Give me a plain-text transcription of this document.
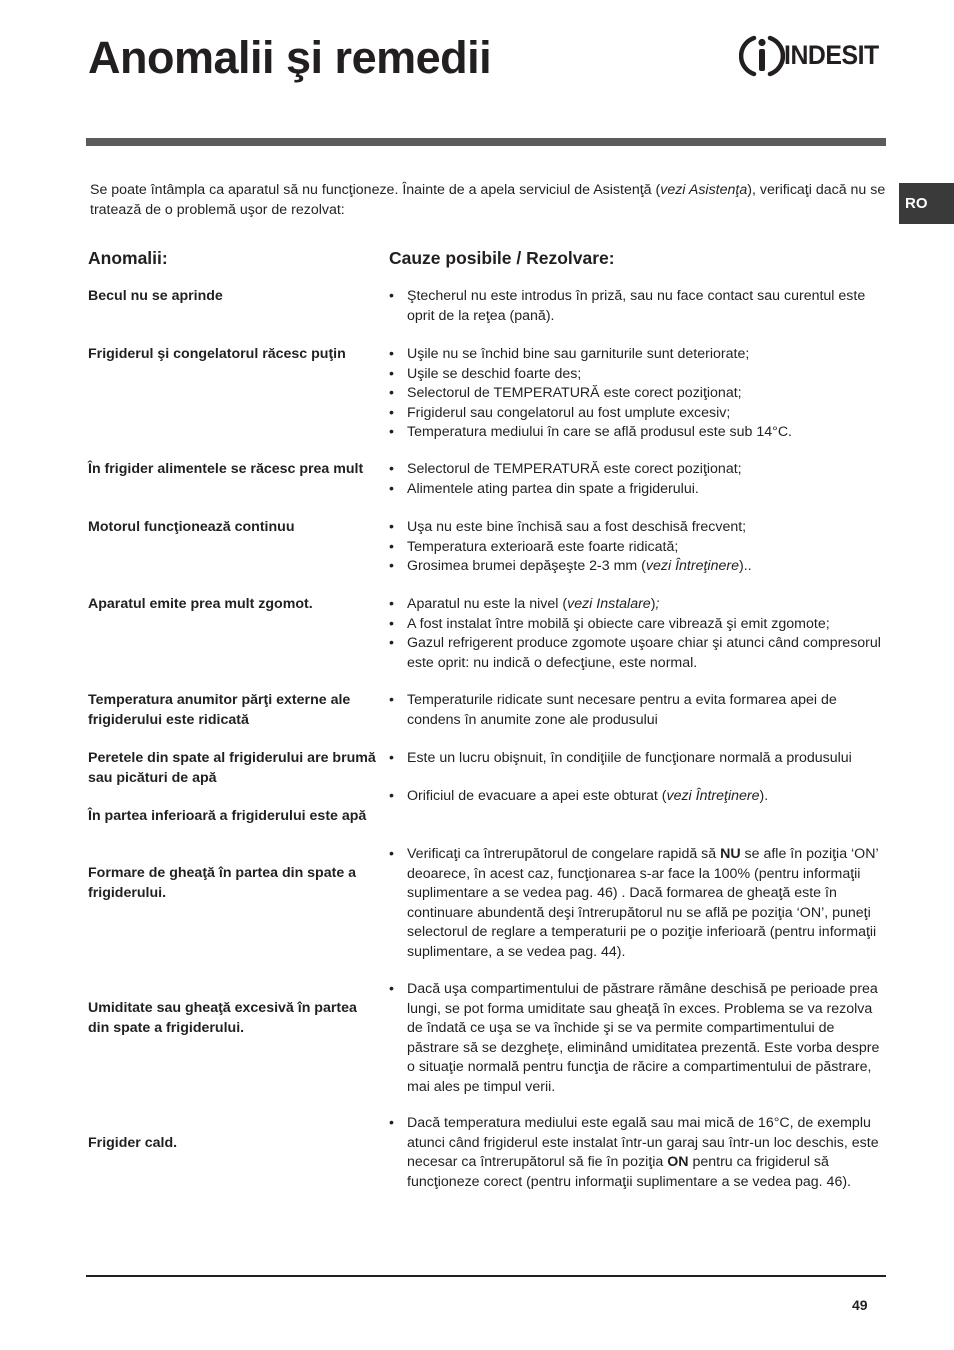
Anomalii şi remedii	INDESIT
RO

Se poate întâmpla ca aparatul să nu funcţioneze. Înainte de a apela serviciul de Asistenţă (vezi Asistenţa), verificaţi dacă nu se tratează de o problemă uşor de rezolvat:

Anomalii:	Cauze posibile / Rezolvare:
Becul nu se aprinde	• Ştecherul nu este introdus în priză, sau nu face contact sau curentul este oprit de la reţea (pană).
Frigiderul şi congelatorul răcesc puţin	• Uşile nu se închid bine sau garniturile sunt deteriorate;
• Uşile se deschid foarte des;
• Selectorul de TEMPERATURĂ este corect poziţionat;
• Frigiderul sau congelatorul au fost umplute excesiv;
• Temperatura mediului în care se află produsul este sub 14°C.
În frigider alimentele se răcesc prea mult	• Selectorul de TEMPERATURĂ este corect poziţionat;
• Alimentele ating partea din spate a frigiderului.
Motorul funcţionează continuu	• Uşa nu este bine închisă sau a fost deschisă frecvent;
• Temperatura exterioară este foarte ridicată;
• Grosimea brumei depăşeşte 2-3 mm (vezi Întreţinere)..
Aparatul emite prea mult zgomot.	• Aparatul nu este la nivel (vezi Instalare);
• A fost instalat între mobilă şi obiecte care vibrează şi emit zgomote;
• Gazul refrigerent produce zgomote uşoare chiar şi atunci când compresorul este oprit: nu indică o defecţiune, este normal.
Temperatura anumitor părţi externe ale frigiderului este ridicată
• Temperaturile ridicate sunt necesare pentru a evita formarea apei de condens în anumite zone ale produsului
Peretele din spate al frigiderului are brumă sau picături de apă
• Este un lucru obişnuit, în condiţiile de funcţionare normală a produsului
În partea inferioară a frigiderului este apă
• Orificiul de evacuare a apei este obturat (vezi Întreţinere).
Formare de gheaţă în partea din spate a frigiderului.
• Verificaţi ca întrerupătorul de congelare rapidă să NU se afle în poziţia ‘ON’ deoarece, în acest caz, funcţionarea s-ar face la 100% (pentru informaţii suplimentare a se vedea pag. 46) . Dacă formarea de gheaţă este în continuare abundentă deşi întrerupătorul nu se află pe poziţia ‘ON’, puneţi selectorul de reglare a temperaturii pe o poziţie inferioară (pentru informaţii suplimentare, a se vedea pag. 44).
Umiditate sau gheaţă excesivă în partea din spate a frigiderului.
• Dacă uşa compartimentului de păstrare rămâne deschisă pe perioade prea lungi, se pot forma umiditate sau gheaţă în exces. Problema se va rezolva de îndată ce uşa se va închide şi se va permite compartimentului de păstrare să se dezgheţe, eliminând umiditatea prezentă. Este vorba despre o situaţie normală pentru funcţia de răcire a compartimentului de păstrare, mai ales pe timpul verii.
Frigider cald.
• Dacă temperatura mediului este egală sau mai mică de 16°C, de exemplu atunci când frigiderul este instalat într-un garaj sau într-un loc deschis, este necesar ca întrerupătorul să fie în poziţia ON pentru ca frigiderul să funcţioneze corect (pentru informaţii suplimentare a se vedea pag. 46).
49
